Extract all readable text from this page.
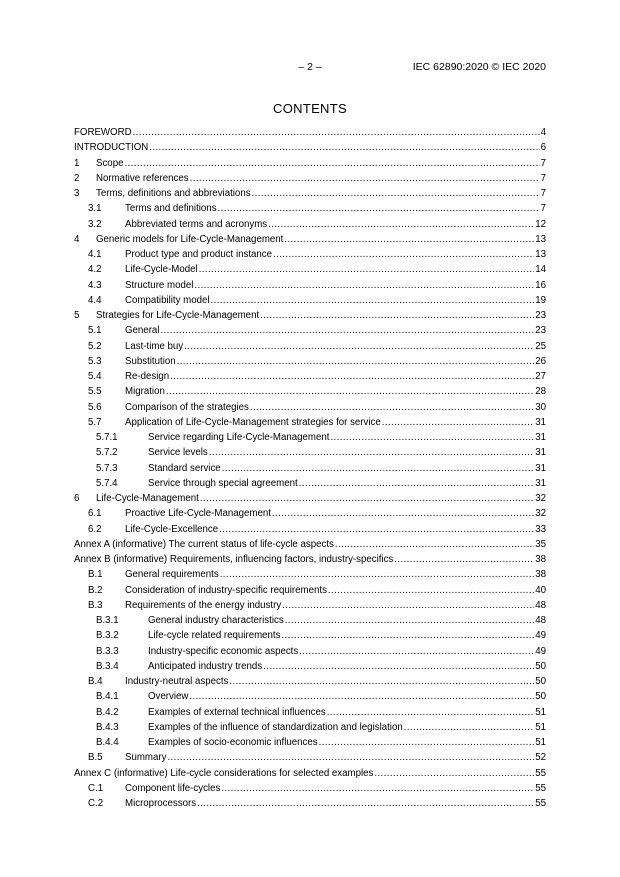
– 2 –	IEC 62890:2020 © IEC 2020
CONTENTS
FOREWORD .....	4
INTRODUCTION .....	6
1 Scope .....	7
2 Normative references .....	7
3 Terms, definitions and abbreviations .....	7
3.1 Terms and definitions .....	7
3.2 Abbreviated terms and acronyms .....	12
4 Generic models for Life-Cycle-Management .....	13
4.1 Product type and product instance .....	13
4.2 Life-Cycle-Model .....	14
4.3 Structure model .....	16
4.4 Compatibility model .....	19
5 Strategies for Life-Cycle-Management .....	23
5.1 General .....	23
5.2 Last-time buy .....	25
5.3 Substitution .....	26
5.4 Re-design .....	27
5.5 Migration .....	28
5.6 Comparison of the strategies .....	30
5.7 Application of Life-Cycle-Management strategies for service .....	31
5.7.1	Service regarding Life-Cycle-Management .....	31
5.7.2	Service levels .....	31
5.7.3	Standard service .....	31
5.7.4	Service through special agreement .....	31
6 Life-Cycle-Management .....	32
6.1 Proactive Life-Cycle-Management .....	32
6.2 Life-Cycle-Excellence .....	33
Annex A (informative) The current status of life-cycle aspects .....	35
Annex B (informative) Requirements, influencing factors, industry-specifics .....	38
B.1 General requirements .....	38
B.2 Consideration of industry-specific requirements .....	40
B.3 Requirements of the energy industry .....	48
B.3.1	General industry characteristics .....	48
B.3.2	Life-cycle related requirements .....	49
B.3.3	Industry-specific economic aspects .....	49
B.3.4	Anticipated industry trends .....	50
B.4 Industry-neutral aspects .....	50
B.4.1	Overview .....	50
B.4.2	Examples of external technical influences .....	51
B.4.3	Examples of the influence of standardization and legislation .....	51
B.4.4	Examples of socio-economic influences .....	51
B.5 Summary .....	52
Annex C (informative) Life-cycle considerations for selected examples .....	55
C.1 Component life-cycles .....	55
C.2 Microprocessors .....	55
